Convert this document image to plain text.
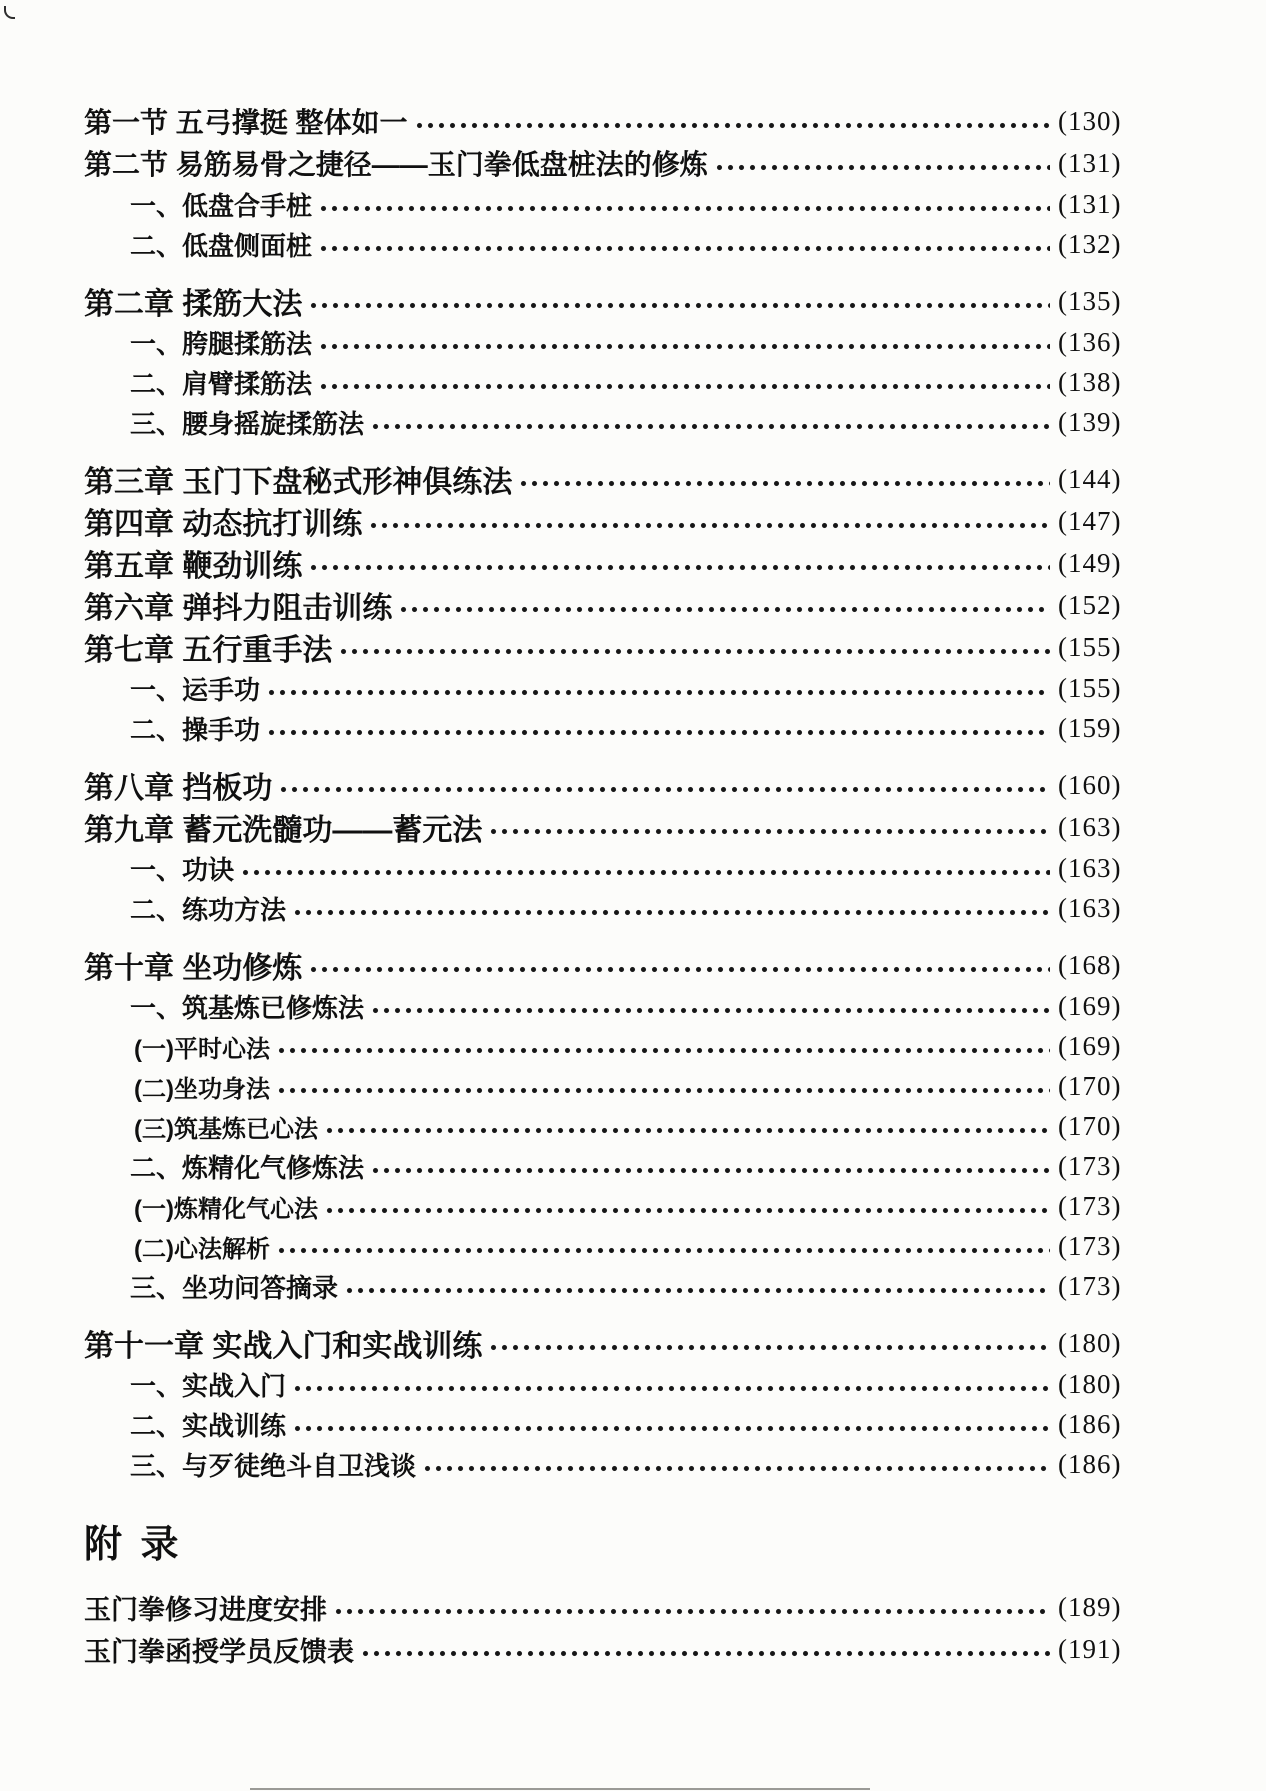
第一节 五弓撑挺 整体如一	(130)
第二节 易筋易骨之捷径——玉门拳低盘桩法的修炼	(131)
一、低盘合手桩	(131)
二、低盘侧面桩	(132)
第二章 揉筋大法	(135)
一、胯腿揉筋法	(136)
二、肩臂揉筋法	(138)
三、腰身摇旋揉筋法	(139)
第三章 玉门下盘秘式形神俱练法	(144)
第四章 动态抗打训练	(147)
第五章 鞭劲训练	(149)
第六章 弹抖力阻击训练	(152)
第七章 五行重手法	(155)
一、运手功	(155)
二、操手功	(159)
第八章 挡板功	(160)
第九章 蓄元洗髓功——蓄元法	(163)
一、功诀	(163)
二、练功方法	(163)
第十章 坐功修炼	(168)
一、筑基炼已修炼法	(169)
(一)平时心法	(169)
(二)坐功身法	(170)
(三)筑基炼已心法	(170)
二、炼精化气修炼法	(173)
(一)炼精化气心法	(173)
(二)心法解析	(173)
三、坐功问答摘录	(173)
第十一章 实战入门和实战训练	(180)
一、实战入门	(180)
二、实战训练	(186)
三、与歹徒绝斗自卫浅谈	(186)
附 录
玉门拳修习进度安排	(189)
玉门拳函授学员反馈表	(191)
